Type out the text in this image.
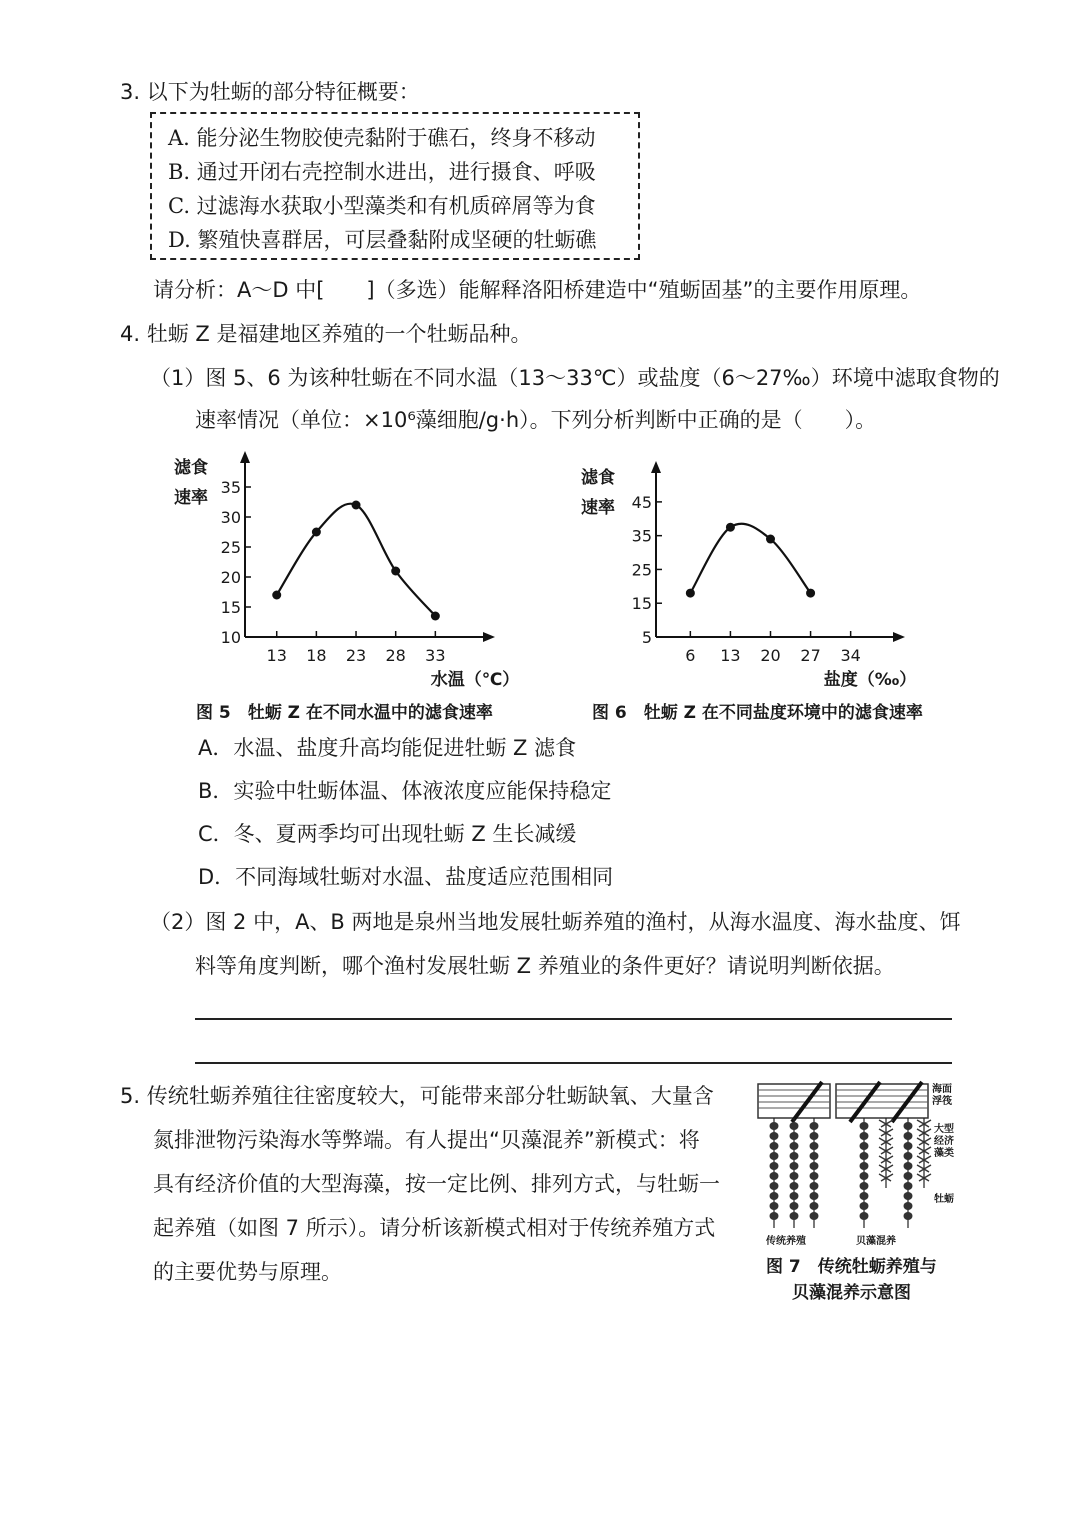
3. 以下为牡蛎的部分特征概要：
A. 能分泌生物胶使壳黏附于礁石，终身不移动
B. 通过开闭右壳控制水进出，进行摄食、呼吸
C. 过滤海水获取小型藻类和有机质碎屑等为食
D. 繁殖快喜群居，可层叠黏附成坚硬的牡蛎礁
请分析：A～D 中[　　]（多选）能解释洛阳桥建造中“殖蛎固基”的主要作用原理。
4. 牡蛎 Z 是福建地区养殖的一个牡蛎品种。
（1）图 5、6 为该种牡蛎在不同水温（13～33℃）或盐度（6～27‰）环境中滤取食物的
速率情况（单位：×10⁶藻细胞/g·h）。下列分析判断中正确的是（　　）。
10
15
20
25
30
35
13 18 23 28 33
滤食
速率
水温（℃）
图 5　牡蛎 Z 在不同水温中的滤食速率
5
15
25
35
45
6 13 20 27 34
滤食
速率
盐度（‰）
图 6　牡蛎 Z 在不同盐度环境中的滤食速率
A．水温、盐度升高均能促进牡蛎 Z 滤食
B．实验中牡蛎体温、体液浓度应能保持稳定
C．冬、夏两季均可出现牡蛎 Z 生长减缓
D．不同海域牡蛎对水温、盐度适应范围相同
（2）图 2 中，A、B 两地是泉州当地发展牡蛎养殖的渔村，从海水温度、海水盐度、饵
料等角度判断，哪个渔村发展牡蛎 Z 养殖业的条件更好？请说明判断依据。
5. 传统牡蛎养殖往往密度较大，可能带来部分牡蛎缺氧、大量含
氮排泄物污染海水等弊端。有人提出“贝藻混养”新模式：将
具有经济价值的大型海藻，按一定比例、排列方式，与牡蛎一
起养殖（如图 7 所示）。请分析该新模式相对于传统养殖方式
的主要优势与原理。
海面
浮筏
大型
经济
藻类
牡蛎
传统养殖	贝藻混养
图 7　传统牡蛎养殖与
贝藻混养示意图
